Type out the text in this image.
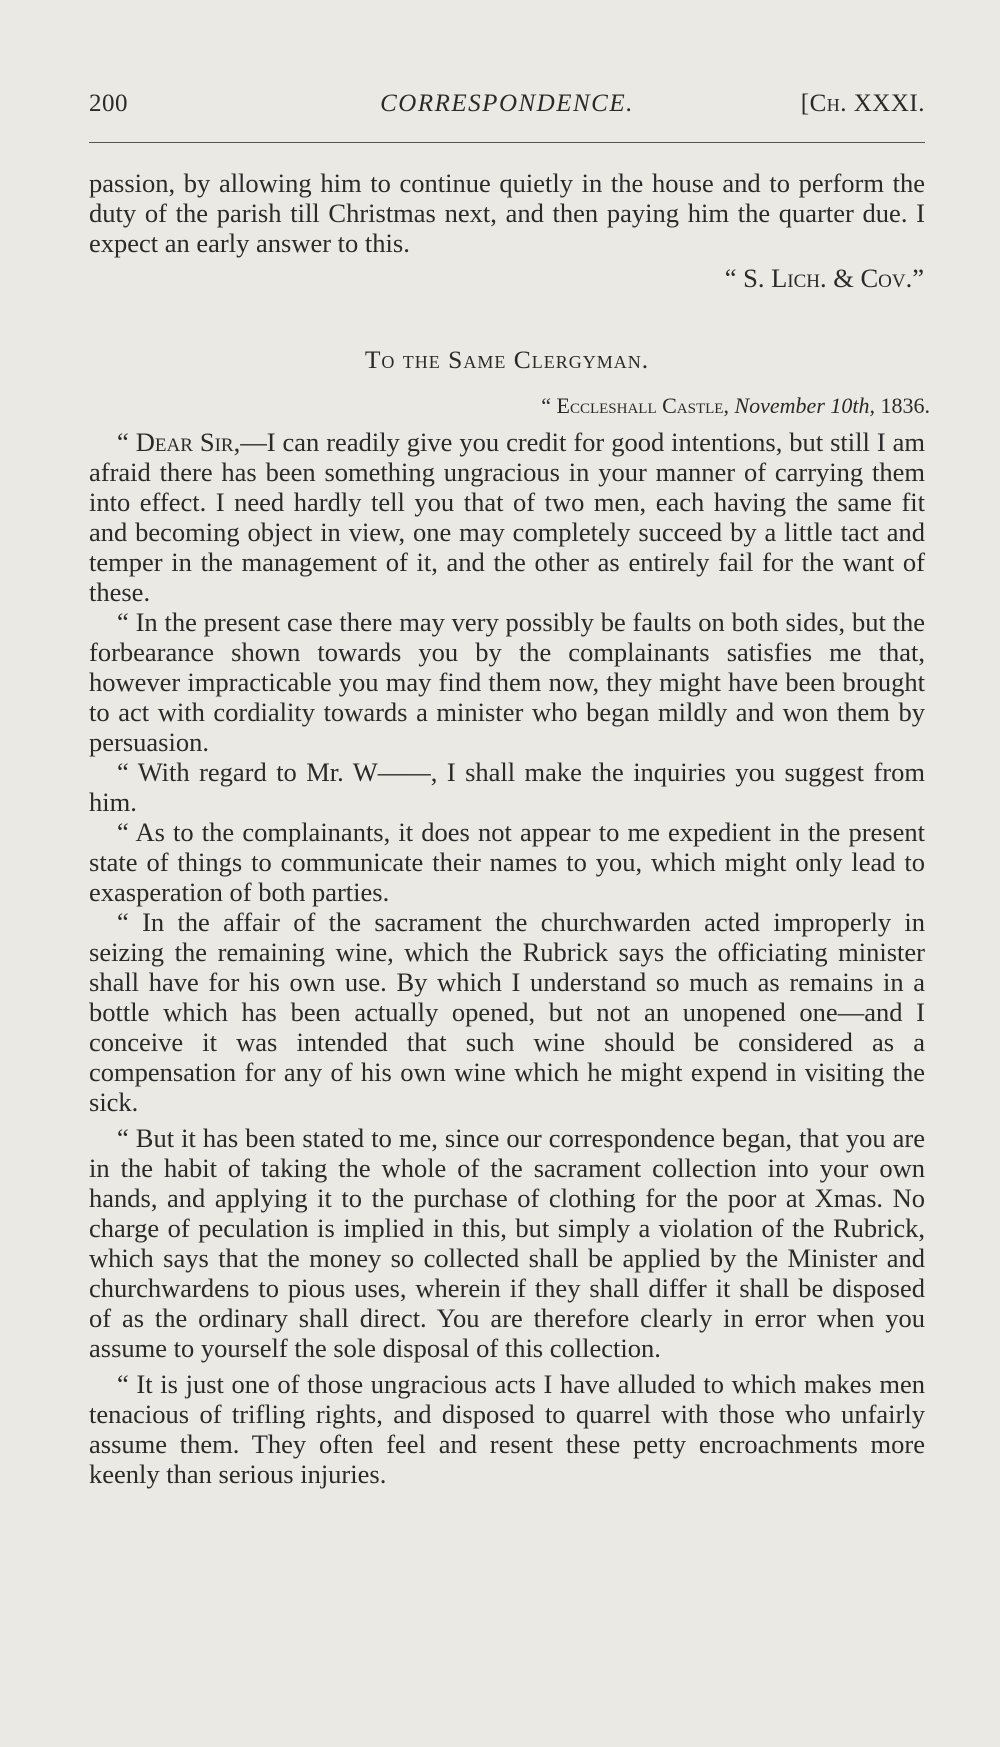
200	CORRESPONDENCE.	[Ch. XXXI.

passion, by allowing him to continue quietly in the house and to perform the duty of the parish till Christmas next, and then paying him the quarter due. I expect an early answer to this.

“ S. Lich. & Cov.”
To the Same Clergyman.
“ Eccleshall Castle, November 10th, 1836.

“ Dear Sir,—I can readily give you credit for good intentions, but still I am afraid there has been something ungracious in your manner of carrying them into effect. I need hardly tell you that of two men, each having the same fit and becoming object in view, one may completely succeed by a little tact and temper in the management of it, and the other as entirely fail for the want of these.

“ In the present case there may very possibly be faults on both sides, but the forbearance shown towards you by the complainants satisfies me that, however impracticable you may find them now, they might have been brought to act with cordiality towards a minister who began mildly and won them by persuasion.

“ With regard to Mr. W——, I shall make the inquiries you suggest from him.

“ As to the complainants, it does not appear to me expedient in the present state of things to communicate their names to you, which might only lead to exasperation of both parties.

“ In the affair of the sacrament the churchwarden acted improperly in seizing the remaining wine, which the Rubrick says the officiating minister shall have for his own use. By which I understand so much as remains in a bottle which has been actually opened, but not an unopened one—and I conceive it was intended that such wine should be considered as a compensation for any of his own wine which he might expend in visiting the sick.

“ But it has been stated to me, since our correspondence began, that you are in the habit of taking the whole of the sacrament collection into your own hands, and applying it to the purchase of clothing for the poor at Xmas. No charge of peculation is implied in this, but simply a violation of the Rubrick, which says that the money so collected shall be applied by the Minister and churchwardens to pious uses, wherein if they shall differ it shall be disposed of as the ordinary shall direct. You are therefore clearly in error when you assume to yourself the sole disposal of this collection.

“ It is just one of those ungracious acts I have alluded to which makes men tenacious of trifling rights, and disposed to quarrel with those who unfairly assume them. They often feel and resent these petty encroachments more keenly than serious injuries.
